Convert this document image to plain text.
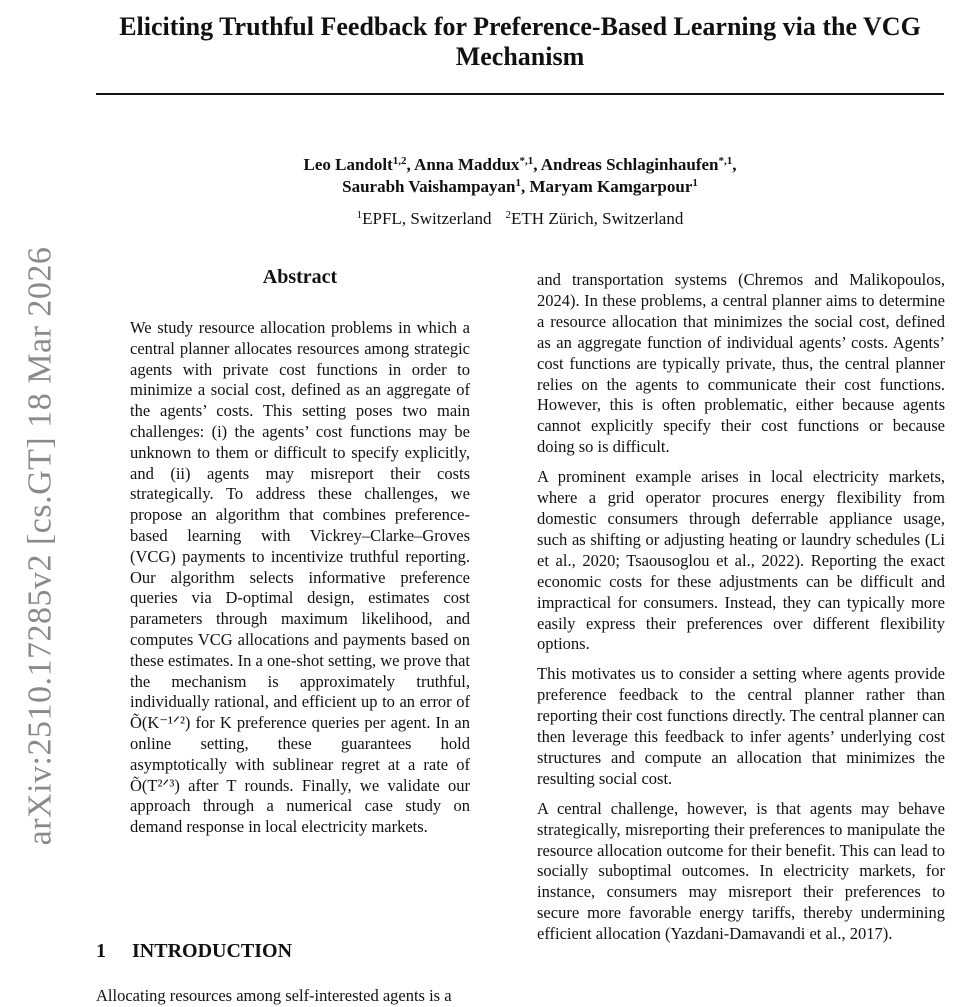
arXiv:2510.17285v2 [cs.GT] 18 Mar 2026
Eliciting Truthful Feedback for Preference-Based Learning via the VCG Mechanism
Leo Landolt$^{1,2}$, Anna Maddux$^{*,1}$, Andreas Schlaginhaufen$^{*,1}$,
Saurabh Vaishampayan$^1$, Maryam Kamgarpour$^1$
$^1$EPFL, Switzerland $^2$ETH Zürich, Switzerland
Abstract
We study resource allocation problems in which a central planner allocates resources among strategic agents with private cost functions in order to minimize a social cost, defined as an aggregate of the agents’ costs. This setting poses two main challenges: (i) the agents’ cost functions may be unknown to them or difficult to specify explicitly, and (ii) agents may misreport their costs strategically. To address these challenges, we propose an algorithm that combines preference-based learning with Vickrey–Clarke–Groves (VCG) payments to incentivize truthful reporting. Our algorithm selects informative preference queries via D-optimal design, estimates cost parameters through maximum likelihood, and computes VCG allocations and payments based on these estimates. In a one-shot setting, we prove that the mechanism is approximately truthful, individually rational, and efficient up to an error of Õ(K⁻¹ᐟ²) for K preference queries per agent. In an online setting, these guarantees hold asymptotically with sublinear regret at a rate of Õ(T²ᐟ³) after T rounds. Finally, we validate our approach through a numerical case study on demand response in local electricity markets.
1 INTRODUCTION
Allocating resources among self-interested agents is a

and transportation systems (Chremos and Malikopoulos, 2024). In these problems, a central planner aims to determine a resource allocation that minimizes the social cost, defined as an aggregate function of individual agents’ costs. Agents’ cost functions are typically private, thus, the central planner relies on the agents to communicate their cost functions. However, this is often problematic, either because agents cannot explicitly specify their cost functions or because doing so is difficult.

A prominent example arises in local electricity markets, where a grid operator procures energy flexibility from domestic consumers through deferrable appliance usage, such as shifting or adjusting heating or laundry schedules (Li et al., 2020; Tsaousoglou et al., 2022). Reporting the exact economic costs for these adjustments can be difficult and impractical for consumers. Instead, they can typically more easily express their preferences over different flexibility options.

This motivates us to consider a setting where agents provide preference feedback to the central planner rather than reporting their cost functions directly. The central planner can then leverage this feedback to infer agents’ underlying cost structures and compute an allocation that minimizes the resulting social cost.

A central challenge, however, is that agents may behave strategically, misreporting their preferences to manipulate the resource allocation outcome for their benefit. This can lead to socially suboptimal outcomes. In electricity markets, for instance, consumers may misreport their preferences to secure more favorable energy tariffs, thereby undermining efficient allocation (Yazdani-Damavandi et al., 2017).
